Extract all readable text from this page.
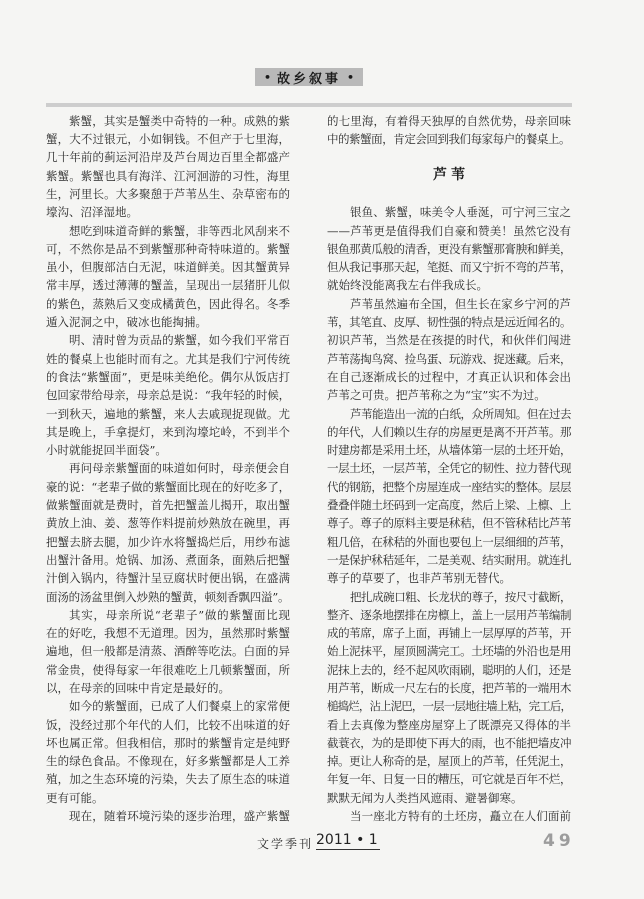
• 故乡叙事 •
紫蟹，其实是蟹类中奇特的一种。成熟的紫
蟹，大不过银元，小如铜钱。不但产于七里海，
几十年前的蓟运河沿岸及芦台周边百里全都盛产
紫蟹。紫蟹也具有海洋、江河洄游的习性，海里
生，河里长。大多聚憩于芦苇丛生、杂草密布的
壕沟、沼泽湿地。
想吃到味道奇鲜的紫蟹，非等西北风刮来不
可，不然你是品不到紫蟹那种奇特味道的。紫蟹
虽小，但腹部洁白无泥，味道鲜美。因其蟹黄异
常丰厚，透过薄薄的蟹盖，呈现出一层猪肝儿似
的紫色，蒸熟后又变成橘黄色，因此得名。冬季
遁入泥洞之中，破冰也能掏捕。
明、清时曾为贡品的紫蟹，如今我们平常百
姓的餐桌上也能时而有之。尤其是我们宁河传统
的食法“紫蟹面”，更是味美绝伦。偶尔从饭店打
包回家带给母亲，母亲总是说：“我年轻的时候，
一到秋天，遍地的紫蟹，来人去戚现捉现做。尤
其是晚上，手拿提灯，来到沟壕坨岭，不到半个
小时就能捉回半面袋”。
再问母亲紫蟹面的味道如何时，母亲便会自
豪的说：“老辈子做的紫蟹面比现在的好吃多了，
做紫蟹面就是费时，首先把蟹盖儿揭开，取出蟹
黄放上油、姜、葱等作料提前炒熟放在碗里，再
把蟹去脐去腿，加少许水将蟹捣烂后，用纱布滤
出蟹汁备用。炝锅、加汤、煮面条，面熟后把蟹
汁倒入锅内，待蟹汁呈豆腐状时便出锅，在盛满
面汤的汤盆里倒入炒熟的蟹黄，顿刻香飘四溢”。
其实，母亲所说“老辈子”做的紫蟹面比现
在的好吃，我想不无道理。因为，虽然那时紫蟹
遍地，但一般都是清蒸、酒醉等吃法。白面的异
常金贵，使得每家一年很难吃上几顿紫蟹面，所
以，在母亲的回味中肯定是最好的。
如今的紫蟹面，已成了人们餐桌上的家常便
饭，没经过那个年代的人们，比较不出味道的好
坏也属正常。但我相信，那时的紫蟹肯定是纯野
生的绿色食品。不像现在，好多紫蟹都是人工养
殖，加之生态环境的污染，失去了原生态的味道
更有可能。
现在，随着环境污染的逐步治理，盛产紫蟹
的七里海，有着得天独厚的自然优势，母亲回味
中的紫蟹面，肯定会回到我们每家每户的餐桌上。
芦苇
银鱼、紫蟹，味美令人垂涎，可宁河三宝之
——芦苇更是值得我们自豪和赞美！虽然它没有
银鱼那黄瓜般的清香，更没有紫蟹那膏腴和鲜美，
但从我记事那天起，笔挺、而又宁折不弯的芦苇，
就始终没能离我左右伴我成长。
芦苇虽然遍布全国，但生长在家乡宁河的芦
苇，其笔直、皮厚、韧性强的特点是远近闻名的。
初识芦苇，当然是在孩提的时代，和伙伴们闯进
芦苇荡掏鸟窝、捡鸟蛋、玩游戏、捉迷藏。后来，
在自己逐渐成长的过程中，才真正认识和体会出
芦苇之可贵。把芦苇称之为“宝”实不为过。
芦苇能造出一流的白纸，众所周知。但在过去
的年代，人们赖以生存的房屋更是离不开芦苇。那
时建房都是采用土坯，从墙体第一层的土坯开始，
一层土坯，一层芦苇，全凭它的韧性、拉力替代现
代的钢筋，把整个房屋连成一座结实的整体。层层
叠叠伴随土坯码到一定高度，然后上梁、上檩、上
尊子。尊子的原料主要是秫秸，但不管秫秸比芦苇
粗几倍，在秫秸的外面也要包上一层细细的芦苇，
一是保护秫秸延年，二是美观、结实耐用。就连扎
尊子的草要了，也非芦苇别无替代。
把扎成碗口粗、长龙状的尊子，按尺寸截断，
整齐、逐条地摆排在房檩上，盖上一层用芦苇编制
成的苇席，席子上面，再铺上一层厚厚的芦苇，开
始上泥抹平，屋顶圆满完工。土坯墙的外沿也是用
泥抹上去的，经不起风吹雨刷，聪明的人们，还是
用芦苇，断成一尺左右的长度，把芦苇的一端用木
槌捣烂，沾上泥巴，一层一层地往墙上粘，完工后，
看上去真像为整座房屋穿上了既漂亮又得体的半
截蓑衣，为的是即使下再大的雨，也不能把墙皮冲
掉。更让人称奇的是，屋顶上的芦苇，任凭泥土，
年复一年、日复一日的糟压，可它就是百年不烂，
默默无闻为人类挡风遮雨、避暑御寒。
当一座北方特有的土坯房，矗立在人们面前
文学季刊 2011 • 1	49
